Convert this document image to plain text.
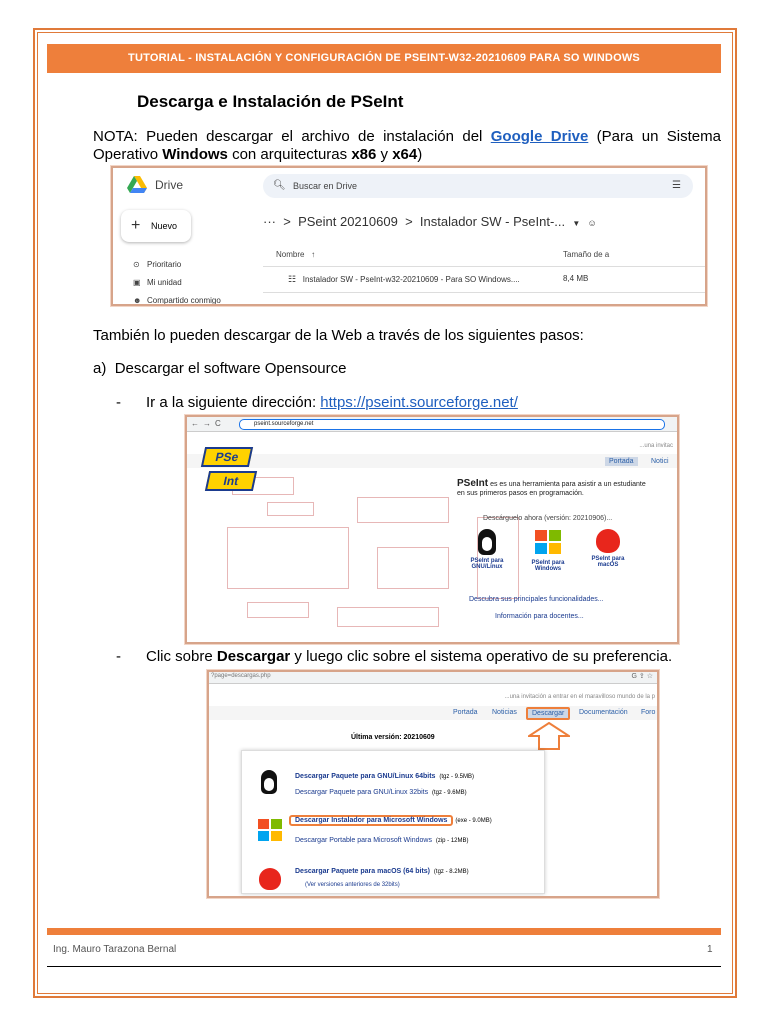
TUTORIAL - INSTALACIÓN Y CONFIGURACIÓN DE PSEINT-W32-20210609 PARA SO WINDOWS
Descarga e Instalación de PSeInt
NOTA: Pueden descargar el archivo de instalación del Google Drive (Para un Sistema Operativo Windows con arquitecturas x86 y x64)
Drive
+ Nuevo
⊙ Prioritario
▣ Mi unidad
☻ Compartido conmigo
🔍︎ Buscar en Drive	☰
··· > PSeint 20210609 > Instalador SW - PseInt-... ▼ ☺
Nombre ↑	Tamaño de a
☷ Instalador SW - PseInt-w32-20210609 - Para SO Windows....	8,4 MB
También lo pueden descargar de la Web a través de los siguientes pasos:
a) Descargar el software Opensource
- Ir a la siguiente dirección: https://pseint.sourceforge.net/
←→C	pseint.sourceforge.net
...una invitac
Portada	Notici
PSe
Int	PSeInt es es una herramienta para asistir a un estudiante en sus primeros pasos en programación.
Descárguelo ahora (versión: 20210906)...
PSeInt para GNU/Linux
PSeInt para Windows
PSeInt para macOS
Descubra sus principales funcionalidades...
Información para docentes...
- Clic sobre Descargar y luego clic sobre el sistema operativo de su preferencia.
?page=descargas.php	G ⇪ ☆
...una invitación a entrar en el maravilloso mundo de la p
Portada Noticias	Descargar	Documentación Foro
Última versión: 20210609
Descargar Paquete para GNU/Linux 64bits (tgz - 9.5MB)
Descargar Paquete para GNU/Linux 32bits (tgz - 9.6MB)
Descargar Instalador para Microsoft Windows (exe - 9.0MB)
Descargar Portable para Microsoft Windows (zip - 12MB)
Descargar Paquete para macOS (64 bits) (tgz - 8.2MB)
(Ver versiones anteriores de 32bits)
Ing. Mauro Tarazona Bernal	1
